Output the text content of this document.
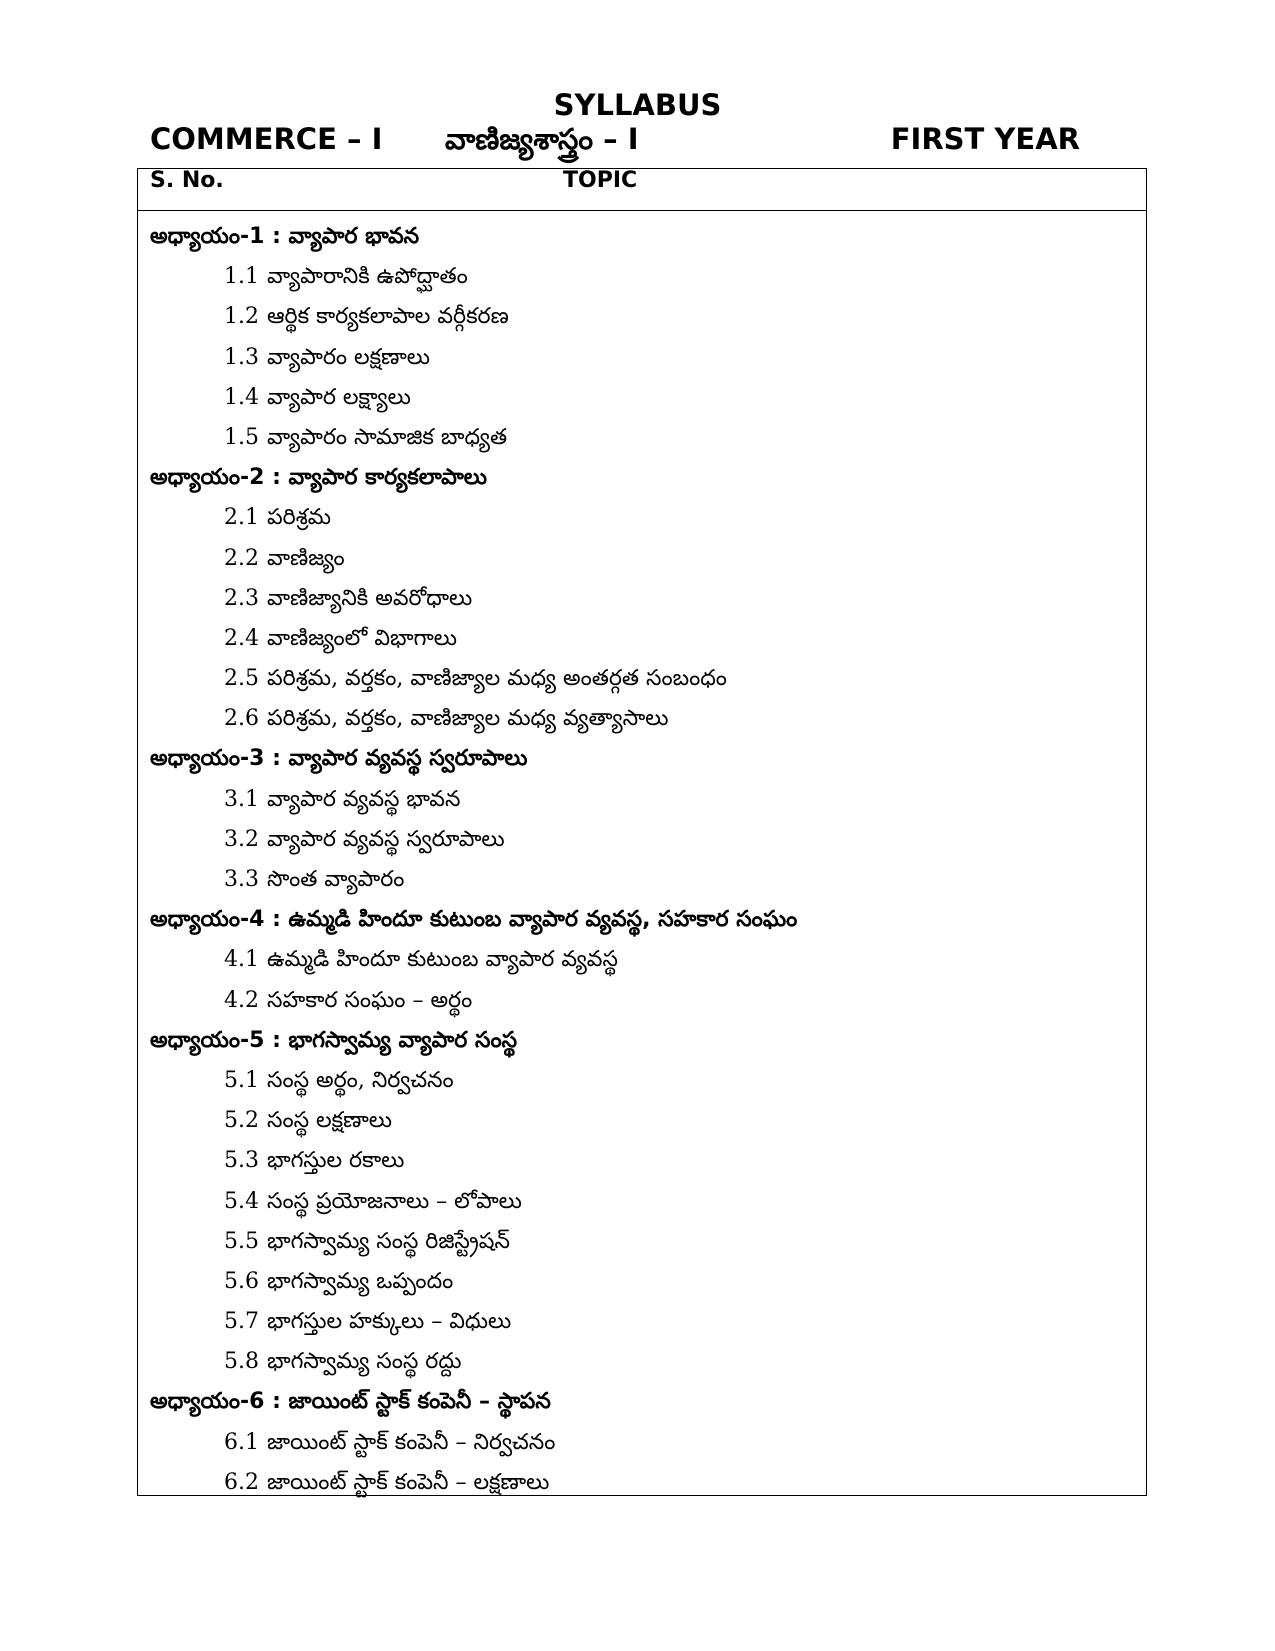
SYLLABUS
COMMERCE – I వాణిజ్యశాస్త్రం – I	FIRST YEAR
S. No.	TOPIC
అధ్యాయం-1 : వ్యాపార భావన
1.1 వ్యాపారానికి ఉపోద్ఘాతం
1.2 ఆర్థిక కార్యకలాపాల వర్గీకరణ
1.3 వ్యాపారం లక్షణాలు
1.4 వ్యాపార లక్ష్యాలు
1.5 వ్యాపారం సామాజిక బాధ్యత
అధ్యాయం-2 : వ్యాపార కార్యకలాపాలు
2.1 పరిశ్రమ
2.2 వాణిజ్యం
2.3 వాణిజ్యానికి అవరోధాలు
2.4 వాణిజ్యంలో విభాగాలు
2.5 పరిశ్రమ, వర్తకం, వాణిజ్యాల మధ్య అంతర్గత సంబంధం
2.6 పరిశ్రమ, వర్తకం, వాణిజ్యాల మధ్య వ్యత్యాసాలు
అధ్యాయం-3 : వ్యాపార వ్యవస్థ స్వరూపాలు
3.1 వ్యాపార వ్యవస్థ భావన
3.2 వ్యాపార వ్యవస్థ స్వరూపాలు
3.3 సొంత వ్యాపారం
అధ్యాయం-4 : ఉమ్మడి హిందూ కుటుంబ వ్యాపార వ్యవస్థ, సహకార సంఘం
4.1 ఉమ్మడి హిందూ కుటుంబ వ్యాపార వ్యవస్థ
4.2 సహకార సంఘం – అర్థం
అధ్యాయం-5 : భాగస్వామ్య వ్యాపార సంస్థ
5.1 సంస్థ అర్థం, నిర్వచనం
5.2 సంస్థ లక్షణాలు
5.3 భాగస్తుల రకాలు
5.4 సంస్థ ప్రయోజనాలు – లోపాలు
5.5 భాగస్వామ్య సంస్థ రిజిస్ట్రేషన్
5.6 భాగస్వామ్య ఒప్పందం
5.7 భాగస్తుల హక్కులు – విధులు
5.8 భాగస్వామ్య సంస్థ రద్దు
అధ్యాయం-6 : జాయింట్ స్టాక్ కంపెనీ – స్థాపన
6.1 జాయింట్ స్టాక్ కంపెనీ – నిర్వచనం
6.2 జాయింట్ స్టాక్ కంపెనీ – లక్షణాలు
